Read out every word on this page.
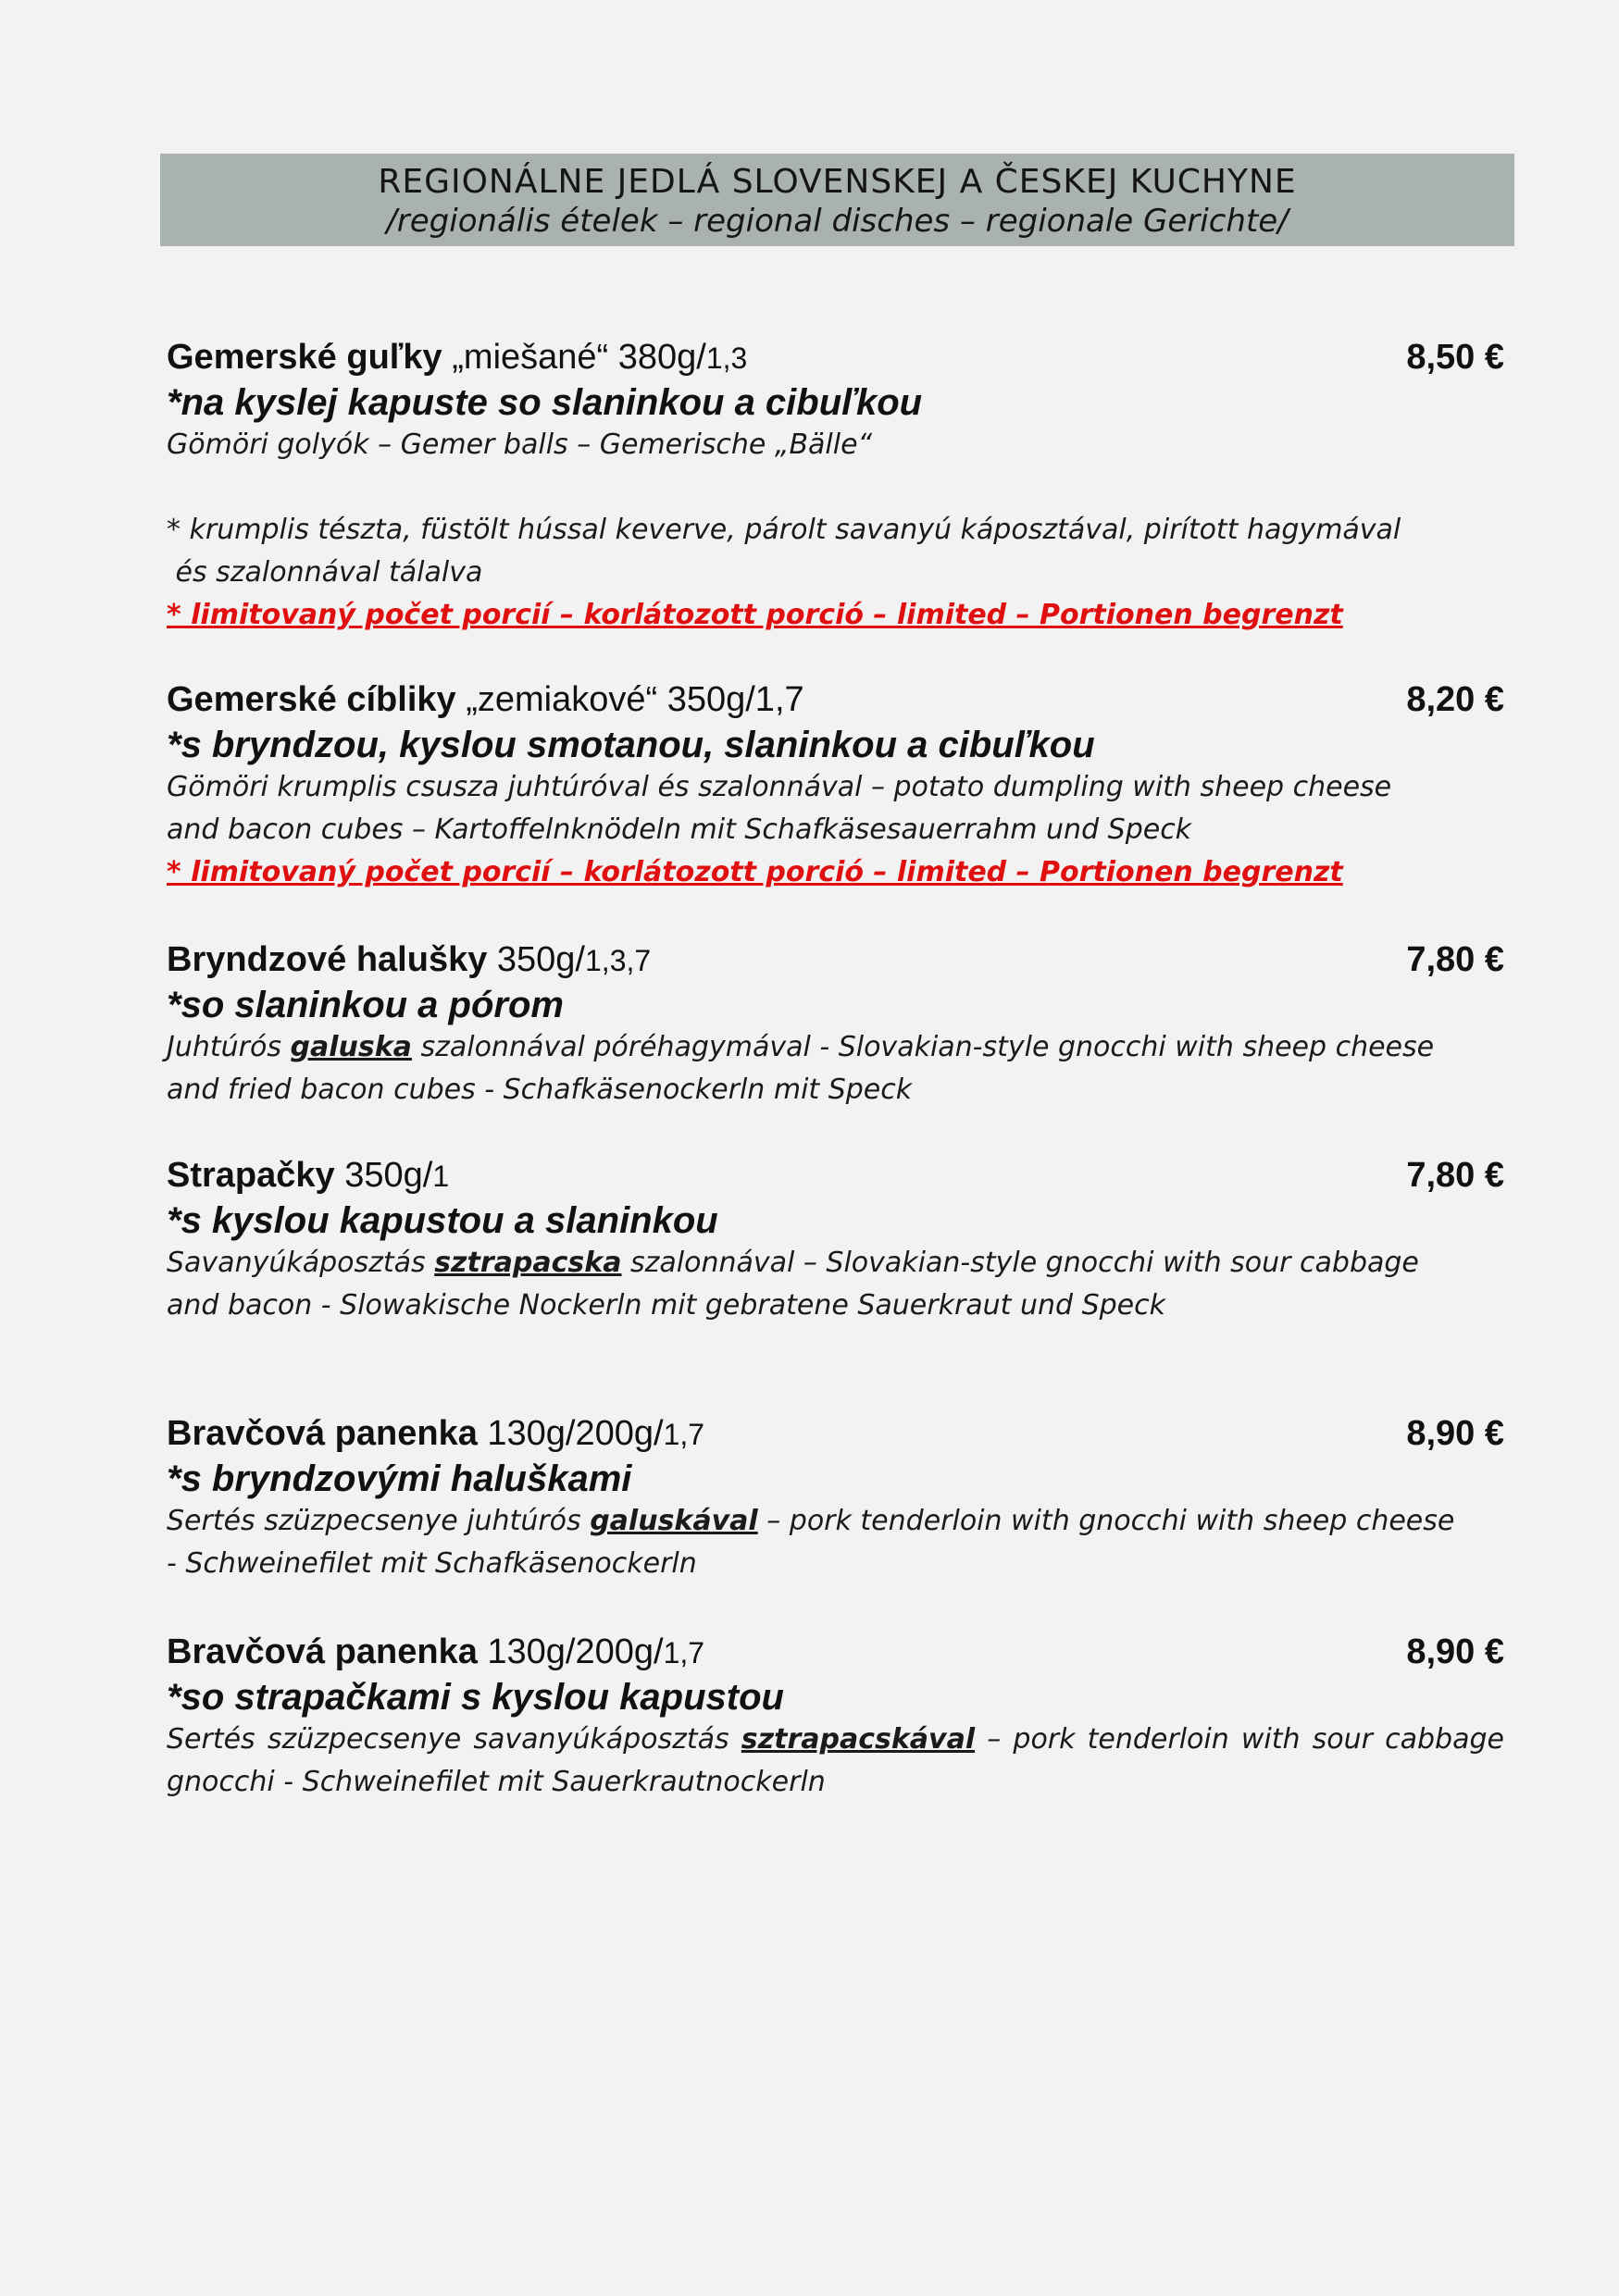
REGIONÁLNE JEDLÁ SLOVENSKEJ A ČESKEJ KUCHYNE
/regionális ételek – regional disches – regionale Gerichte/
Gemerské guľky „miešané“ 380g/1,3	8,50 €
*na kyslej kapuste so slaninkou a cibuľkou
Gömöri golyók – Gemer balls – Gemerische „Bälle“
* krumplis tészta, füstölt hússal keverve, párolt savanyú káposztával, pirított hagymával
és szalonnával tálalva
* limitovaný počet porcií – korlátozott porció – limited – Portionen begrenzt
Gemerské cíbliky „zemiakové“ 350g/1,7	8,20 €
*s bryndzou, kyslou smotanou, slaninkou a cibuľkou
Gömöri krumplis csusza juhtúróval és szalonnával – potato dumpling with sheep cheese
and bacon cubes – Kartoffelnknödeln mit Schafkäsesauerrahm und Speck
* limitovaný počet porcií – korlátozott porció – limited – Portionen begrenzt
Bryndzové halušky 350g/1,3,7	7,80 €
*so slaninkou a pórom
Juhtúrós galuska szalonnával póréhagymával - Slovakian-style gnocchi with sheep cheese
and fried bacon cubes - Schafkäsenockerln mit Speck
Strapačky 350g/1	7,80 €
*s kyslou kapustou a slaninkou
Savanyúkáposztás sztrapacska szalonnával – Slovakian-style gnocchi with sour cabbage
and bacon - Slowakische Nockerln mit gebratene Sauerkraut und Speck
Bravčová panenka 130g/200g/1,7	8,90 €
*s bryndzovými haluškami
Sertés szüzpecsenye juhtúrós galuskával – pork tenderloin with gnocchi with sheep cheese
- Schweinefilet mit Schafkäsenockerln
Bravčová panenka 130g/200g/1,7	8,90 €
*so strapačkami s kyslou kapustou
Sertés szüzpecsenye savanyúkáposztás sztrapacskával – pork tenderloin with sour cabbage
gnocchi - Schweinefilet mit Sauerkrautnockerln
